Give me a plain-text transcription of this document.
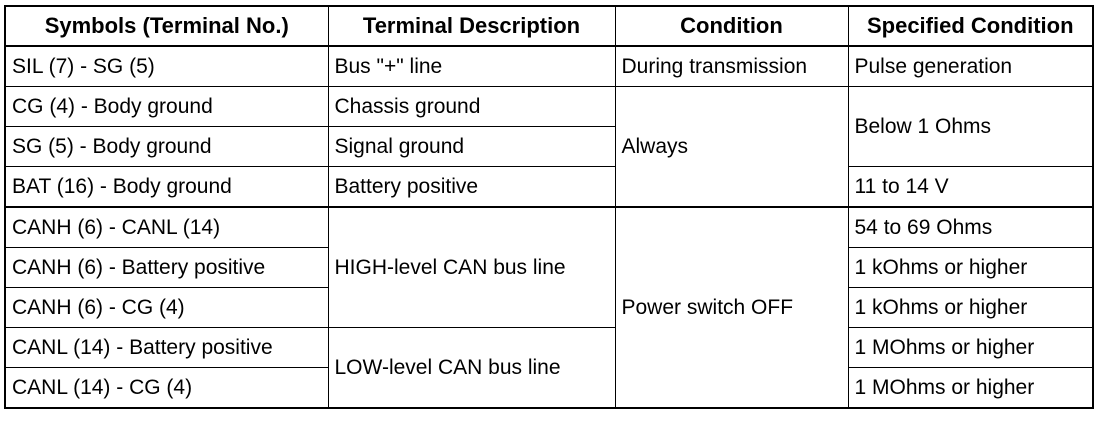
Symbols (Terminal No.)	Terminal Description	Condition	Specified Condition
SIL (7) - SG (5)	Bus "+" line	During transmission	Pulse generation
CG (4) - Body ground	Chassis ground	Always	Below 1 Ohms
SG (5) - Body ground	Signal ground		
BAT (16) - Body ground	Battery positive		11 to 14 V
CANH (6) - CANL (14)	HIGH-level CAN bus line	Power switch OFF	54 to 69 Ohms
CANH (6) - Battery positive			1 kOhms or higher
CANH (6) - CG (4)			1 kOhms or higher
CANL (14) - Battery positive	LOW-level CAN bus line		1 MOhms or higher
CANL (14) - CG (4)			1 MOhms or higher
